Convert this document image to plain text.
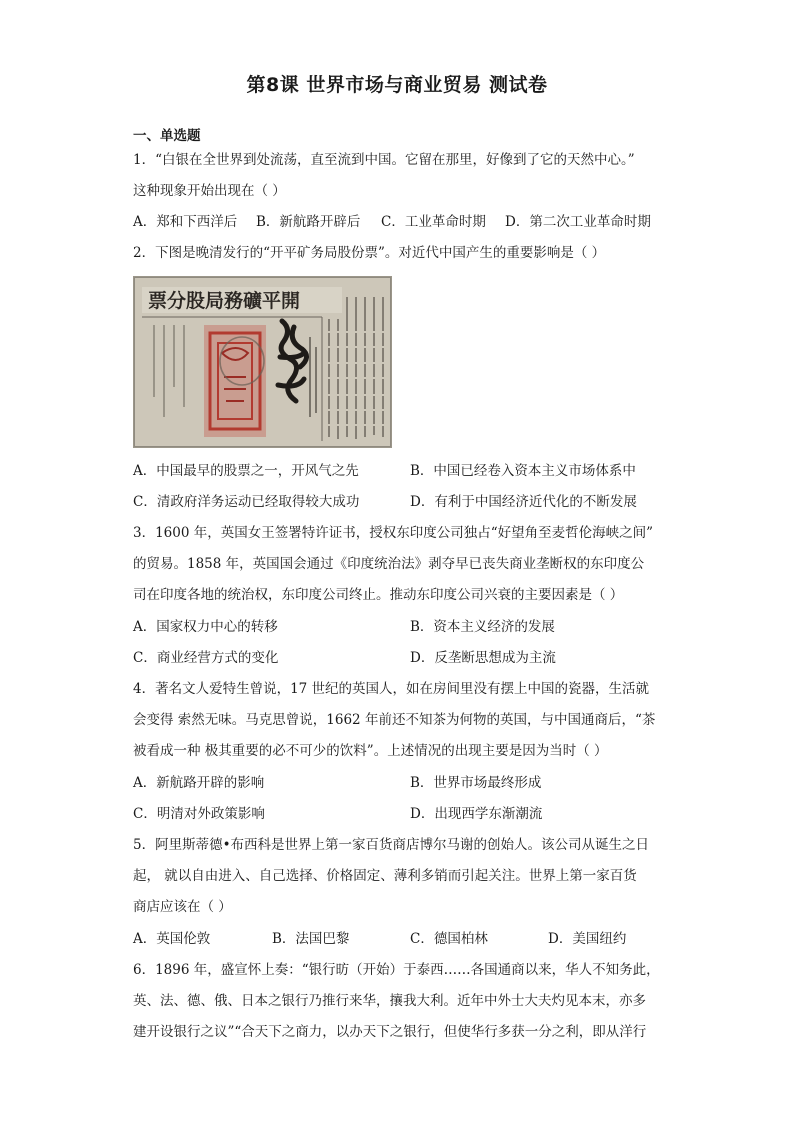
第8课 世界市场与商业贸易 测试卷
一、单选题
1．“白银在全世界到处流荡，直至流到中国。它留在那里，好像到了它的天然中心。”
这种现象开始出现在（ ）
A．郑和下西洋后 B．新航路开辟后 C．工业革命时期 D．第二次工业革命时期
2．下图是晚清发行的“开平矿务局股份票”。对近代中国产生的重要影响是（ ）
票分股局務礦平開
A．中国最早的股票之一，开风气之先	B．中国已经卷入资本主义市场体系中
C．清政府洋务运动已经取得较大成功	D．有利于中国经济近代化的不断发展
3．1600 年，英国女王签署特许证书，授权东印度公司独占“好望角至麦哲伦海峡之间”
的贸易。1858 年，英国国会通过《印度统治法》剥夺早已丧失商业垄断权的东印度公
司在印度各地的统治权，东印度公司终止。推动东印度公司兴衰的主要因素是（ ）
A．国家权力中心的转移	B．资本主义经济的发展
C．商业经营方式的变化	D．反垄断思想成为主流
4．著名文人爱特生曾说，17 世纪的英国人，如在房间里没有摆上中国的瓷器，生活就
会变得 索然无味。马克思曾说，1662 年前还不知茶为何物的英国，与中国通商后，“茶
被看成一种 极其重要的必不可少的饮料”。上述情况的出现主要是因为当时（ ）
A．新航路开辟的影响	B．世界市场最终形成
C．明清对外政策影响	D．出现西学东渐潮流
5．阿里斯蒂德•布西科是世界上第一家百货商店博尔马谢的创始人。该公司从诞生之日
起， 就以自由进入、自己选择、价格固定、薄利多销而引起关注。世界上第一家百货
商店应该在（ ）
A．英国伦敦	B．法国巴黎	C．德国柏林	D．美国纽约
6．1896 年，盛宣怀上奏：“银行昉（开始）于泰西……各国通商以来，华人不知务此，
英、法、德、俄、日本之银行乃推行来华，攘我大利。近年中外士大夫灼见本末，亦多
建开设银行之议”“合天下之商力，以办天下之银行，但使华行多获一分之利，即从洋行
